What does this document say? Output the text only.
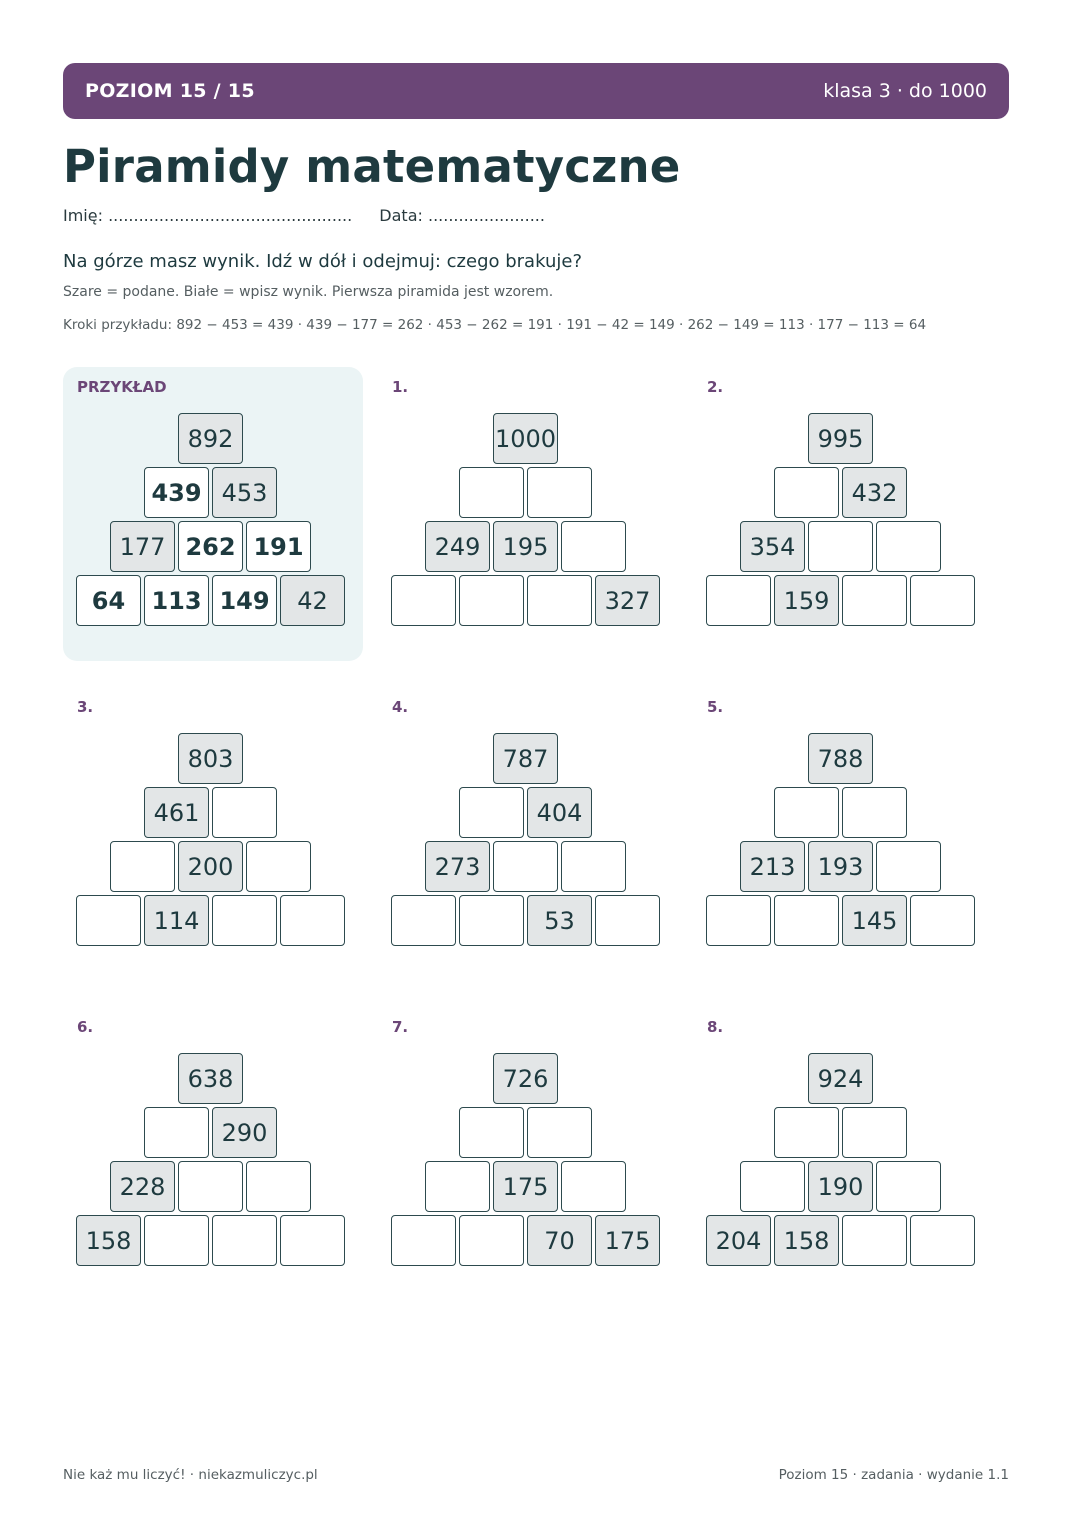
POZIOM 15 / 15	klasa 3 · do 1000
Piramidy matematyczne
Imię: ................................................ Data: .......................

Na górze masz wynik. Idź w dół i odejmuj: czego brakuje?

Szare = podane. Białe = wpisz wynik. Pierwsza piramida jest wzorem.

Kroki przykładu: 892 − 453 = 439 · 439 − 177 = 262 · 453 − 262 = 191 · 191 − 42 = 149 · 262 − 149 = 113 · 177 − 113 = 64

PRZYKŁAD
892
439 453
177 262 191
64	113 149	42
1.
1000
249 195
327
2.
995
432
354
159
3.
803
461
200
114
4.
787
404
273
53
5.
788
213 193
145
6.
638
290
228
158
7.
726
175
70	175
8.
924
190
204 158
Nie każ mu liczyć! · niekazmuliczyc.pl	Poziom 15 · zadania · wydanie 1.1
